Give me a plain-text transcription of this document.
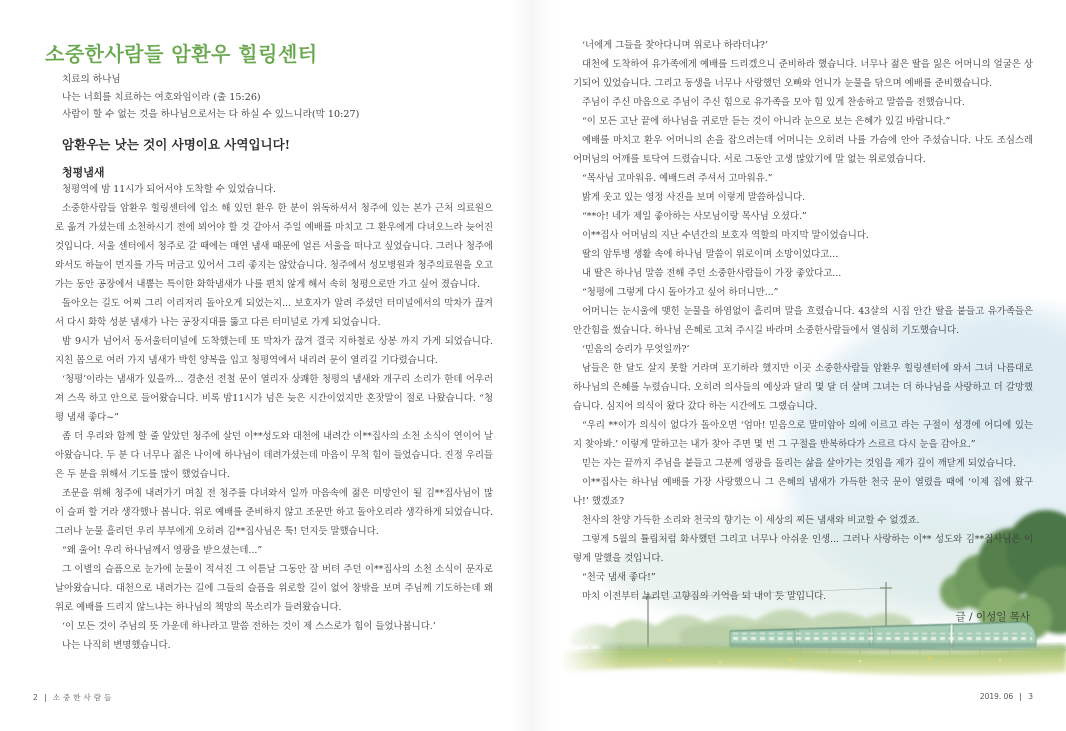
소중한사람들 암환우 힐링센터
치료의 하나님
나는 너희를 치료하는 여호와임이라 (출 15:26)
사람이 할 수 없는 것을 하나님으로서는 다 하실 수 있느니라(막 10:27)
암환우는 낫는 것이 사명이요 사역입니다!
청평냄새

청평역에 밤 11시가 되어서야 도착할 수 있었습니다.

소중한사람들 암환우 힐링센터에 입소 해 있던 환우 한 분이 위독하셔서 청주에 있는 본가 근처 의료원으로 옮겨 가셨는데 소천하시기 전에 뵈어야 할 것 같아서 주일 예배를 마치고 그 환우에게 다녀오느라 늦어진 것입니다. 서울 센터에서 청주로 갈 때에는 매연 냄새 때문에 얼른 서울을 떠나고 싶었습니다. 그러나 청주에 와서도 하늘이 먼지를 가득 머금고 있어서 그리 좋지는 않았습니다. 청주에서 성모병원과 청주의료원을 오고 가는 동안 공장에서 내뿜는 특이한 화학냄새가 나를 편치 않게 해서 속히 청평으로만 가고 싶어 졌습니다.

돌아오는 길도 어찌 그리 이리저리 돌아오게 되었는지... 보호자가 알려 주셨던 터미널에서의 막차가 끊겨서 다시 화학 성분 냄새가 나는 공장지대를 뚫고 다른 터미널로 가게 되었습니다.

밤 9시가 넘어서 동서울터미널에 도착했는데 또 막차가 끊겨 결국 지하철로 상봉 까지 가게 되었습니다. 지친 몸으로 여러 가지 냄새가 박힌 양복을 입고 청평역에서 내리려 문이 열리길 기다렸습니다.

‘청평’이라는 냄새가 있을까... 경춘선 전철 문이 열리자 상쾌한 청평의 냄새와 개구리 소리가 한데 어우러져 스윽 하고 안으로 들어왔습니다. 비록 밤11시가 넘은 늦은 시간이었지만 혼잣말이 절로 나왔습니다. “청평 냄새 좋다~”

좀 더 우리와 함께 할 줄 알았던 청주에 살던 이**성도와 대천에 내려간 이**집사의 소천 소식이 연이어 날아왔습니다. 두 분 다 너무나 젊은 나이에 하나님이 데려가셨는데 마음이 무척 힘이 들었습니다. 진정 우리들은 두 분을 위해서 기도를 많이 했었습니다.

조문을 위해 청주에 내려가기 며칠 전 청주를 다녀와서 일까 마음속에 젊은 미망인이 될 김**집사님이 많이 슬퍼 할 거라 생각했나 봅니다. 위로 예배를 준비하지 않고 조문만 하고 돌아오리라 생각하게 되었습니다. 그러나 눈물 흘리던 우리 부부에게 오히려 김**집사님은 툭! 던지듯 말했습니다.

“왜 울어! 우리 하나님께서 영광을 받으셨는데...”

그 이별의 슬픔으로 눈가에 눈물이 적셔진 그 이튿날 그동안 잘 버텨 주던 이**집사의 소천 소식이 문자로 날아왔습니다. 대천으로 내려가는 길에 그들의 슬픔을 위로할 길이 없어 창밖을 보며 주님께 기도하는데 왜 위로 예배를 드리지 않느냐는 하나님의 책망의 목소리가 들려왔습니다.

‘이 모든 것이 주님의 뜻 가운데 하나라고 말씀 전하는 것이 제 스스로가 힘이 들었나봅니다.’

나는 나직히 변명했습니다.

2 소중한사람들

‘너에게 그들을 찾아다니며 위로나 하라더냐?’

대천에 도착하여 유가족에게 예배를 드리겠으니 준비하라 했습니다. 너무나 젊은 딸을 잃은 어머니의 얼굴은 상기되어 있었습니다. 그리고 동생을 너무나 사랑했던 오빠와 언니가 눈물을 닦으며 예배를 준비했습니다.

주님이 주신 마음으로 주님이 주신 힘으로 유가족을 모아 힘 있게 찬송하고 말씀을 전했습니다.

“이 모든 고난 끝에 하나님을 귀로만 듣는 것이 아니라 눈으로 보는 은혜가 있길 바랍니다.”

예배를 마치고 환우 어머니의 손을 잡으려는데 어머니는 오히려 나를 가슴에 안아 주셨습니다. 나도 조심스레 어머님의 어깨를 토닥여 드렸습니다. 서로 그동안 고생 많았기에 말 없는 위로였습니다.

“목사님 고마워유. 예배드려 주셔서 고마워유.”

밝게 웃고 있는 영정 사진을 보며 이렇게 말씀하십니다.

“**아! 네가 제일 좋아하는 사모님이랑 목사님 오셨다.”

이**집사 어머님의 지난 수년간의 보호자 역할의 마지막 말이었습니다.

딸의 암투병 생활 속에 하나님 말씀이 위로이며 소망이었다고...

내 딸은 하나님 말씀 전해 주던 소중한사람들이 가장 좋았다고...

“청평에 그렇게 다시 돌아가고 싶어 하더니만...”

어머니는 눈시울에 맺힌 눈물을 하염없이 흘리며 말을 흐렸습니다. 43살의 시집 안간 딸을 붙들고 유가족들은 안간힘을 썼습니다. 하나님 은혜로 고쳐 주시길 바라며 소중한사람들에서 열심히 기도했습니다.

‘믿음의 승리가 무엇일까?’

남들은 한 달도 살지 못할 거라며 포기하라 했지만 이곳 소중한사람들 암환우 힐링센터에 와서 그녀 나름대로 하나님의 은혜를 누렸습니다. 오히려 의사들의 예상과 달리 몇 달 더 살며 그녀는 더 하나님을 사랑하고 더 갈망했습니다. 심지어 의식이 왔다 갔다 하는 시간에도 그랬습니다.

“우리 **이가 의식이 없다가 돌아오면 ‘엄마! 믿음으로 말미암아 의에 이르고 라는 구절이 성경에 어디에 있는지 찾아봐.’ 이렇게 말하고는 내가 찾아 주면 몇 번 그 구절을 반복하다가 스르르 다시 눈을 감아요.”

믿는 자는 끝까지 주님을 붙들고 그분께 영광을 돌리는 삶을 살아가는 것임을 제가 깊이 깨닫게 되었습니다.

이**집사는 하나님 예배를 가장 사랑했으니 그 은혜의 냄새가 가득한 천국 문이 열렸을 때에 ‘이제 집에 왔구나!’ 했겠죠?

천사의 찬양 가득한 소리와 천국의 향기는 이 세상의 찌든 냄새와 비교할 수 없겠죠.

그렇게 5월의 튤립처럼 화사했던 그리고 너무나 아쉬운 인생... 그러나 사랑하는 이** 성도와 김**집사님은 이렇게 말했을 것입니다.

“천국 냄새 좋다!”

마치 이전부터 누리던 고향집의 기억을 되 내이 듯 말입니다.

글 / 이성일 목사
2019. 06 3
